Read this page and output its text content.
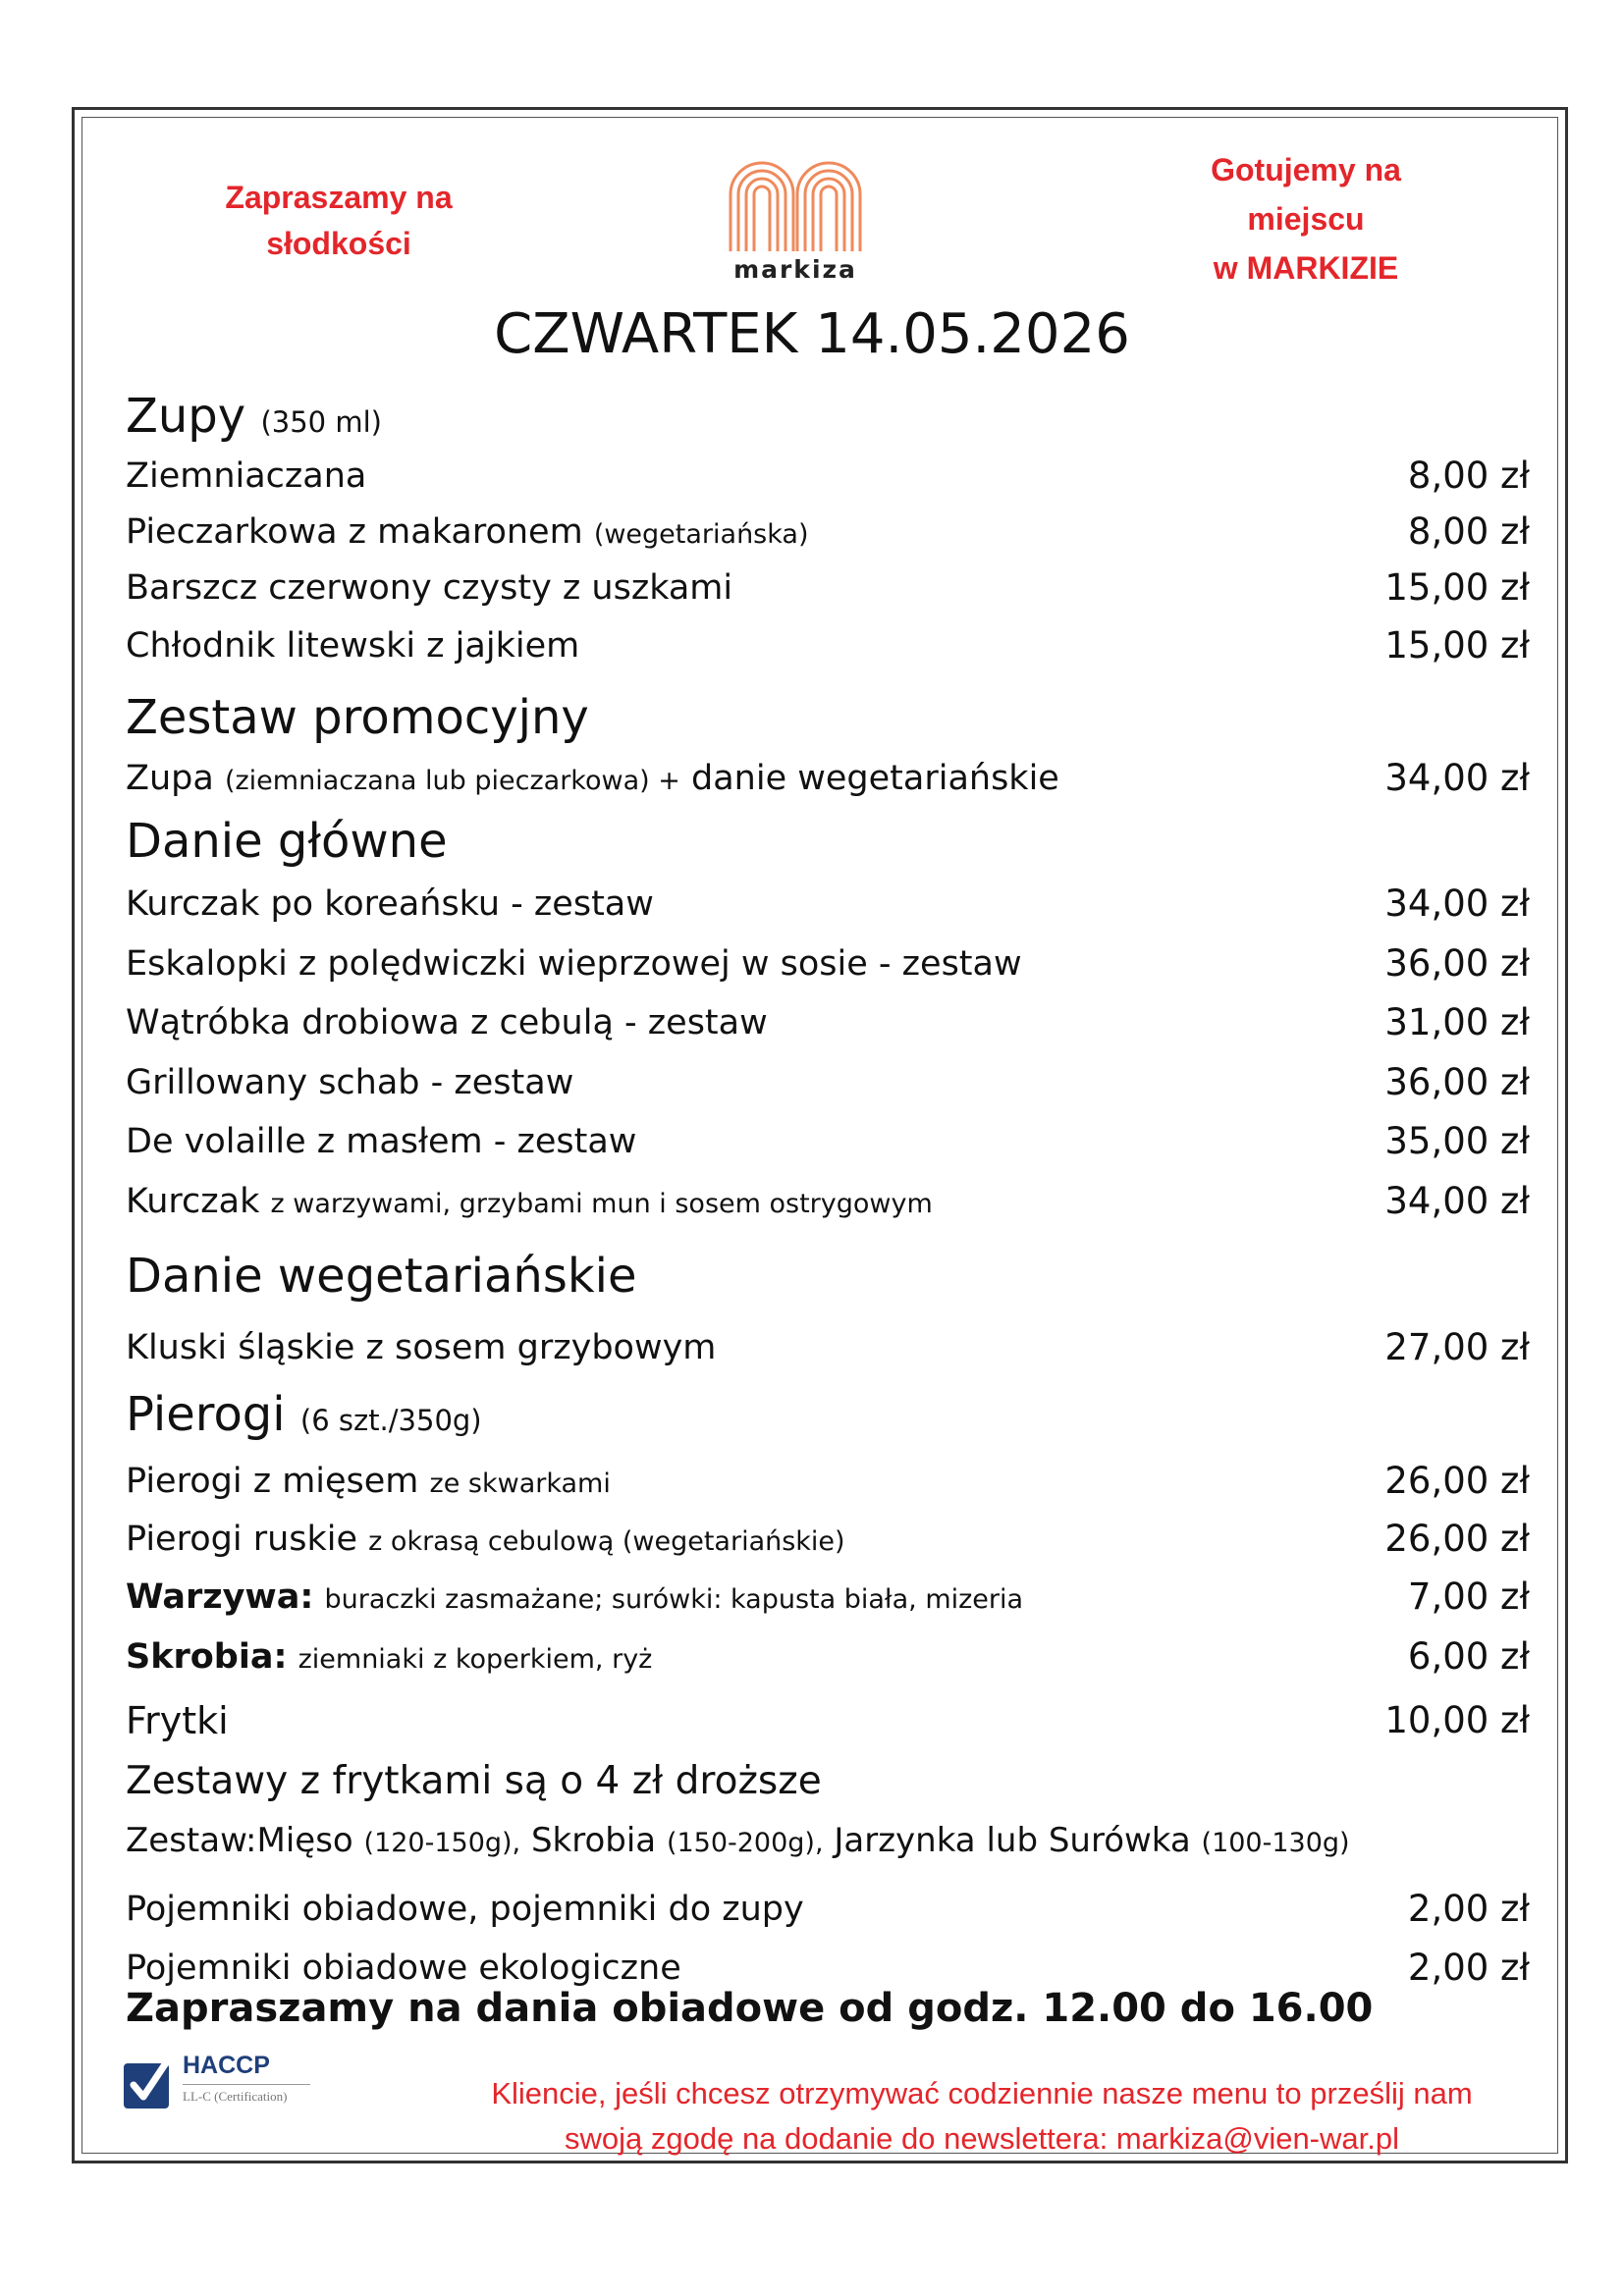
Zapraszamy na
słodkości
markiza
Gotujemy na miejscu
w MARKIZIE
CZWARTEK 14.05.2026
Zupy (350 ml)
Ziemniaczana	8,00 zł
Pieczarkowa z makaronem (wegetariańska)	8,00 zł
Barszcz czerwony czysty z uszkami	15,00 zł
Chłodnik litewski z jajkiem	15,00 zł
Zestaw promocyjny
Zupa (ziemniaczana lub pieczarkowa) + danie wegetariańskie	34,00 zł
Danie główne
Kurczak po koreańsku - zestaw	34,00 zł
Eskalopki z polędwiczki wieprzowej w sosie - zestaw	36,00 zł
Wątróbka drobiowa z cebulą - zestaw	31,00 zł
Grillowany schab - zestaw	36,00 zł
De volaille z masłem - zestaw	35,00 zł
Kurczak z warzywami, grzybami mun i sosem ostrygowym	34,00 zł
Danie wegetariańskie
Kluski śląskie z sosem grzybowym	27,00 zł
Pierogi (6 szt./350g)
Pierogi z mięsem ze skwarkami	26,00 zł
Pierogi ruskie z okrasą cebulową (wegetariańskie)	26,00 zł
Warzywa: buraczki zasmażane; surówki: kapusta biała, mizeria	7,00 zł
Skrobia: ziemniaki z koperkiem, ryż	6,00 zł
Frytki	10,00 zł
Zestawy z frytkami są o 4 zł droższe
Zestaw:Mięso (120-150g), Skrobia (150-200g), Jarzynka lub Surówka (100-130g)
Pojemniki obiadowe, pojemniki do zupy	2,00 zł
Pojemniki obiadowe ekologiczne	2,00 zł
Zapraszamy na dania obiadowe od godz. 12.00 do 16.00
HACCP
LL-C (Certification)	Kliencie, jeśli chcesz otrzymywać codziennie nasze menu to prześlij nam
swoją zgodę na dodanie do newslettera: markiza@vien-war.pl
